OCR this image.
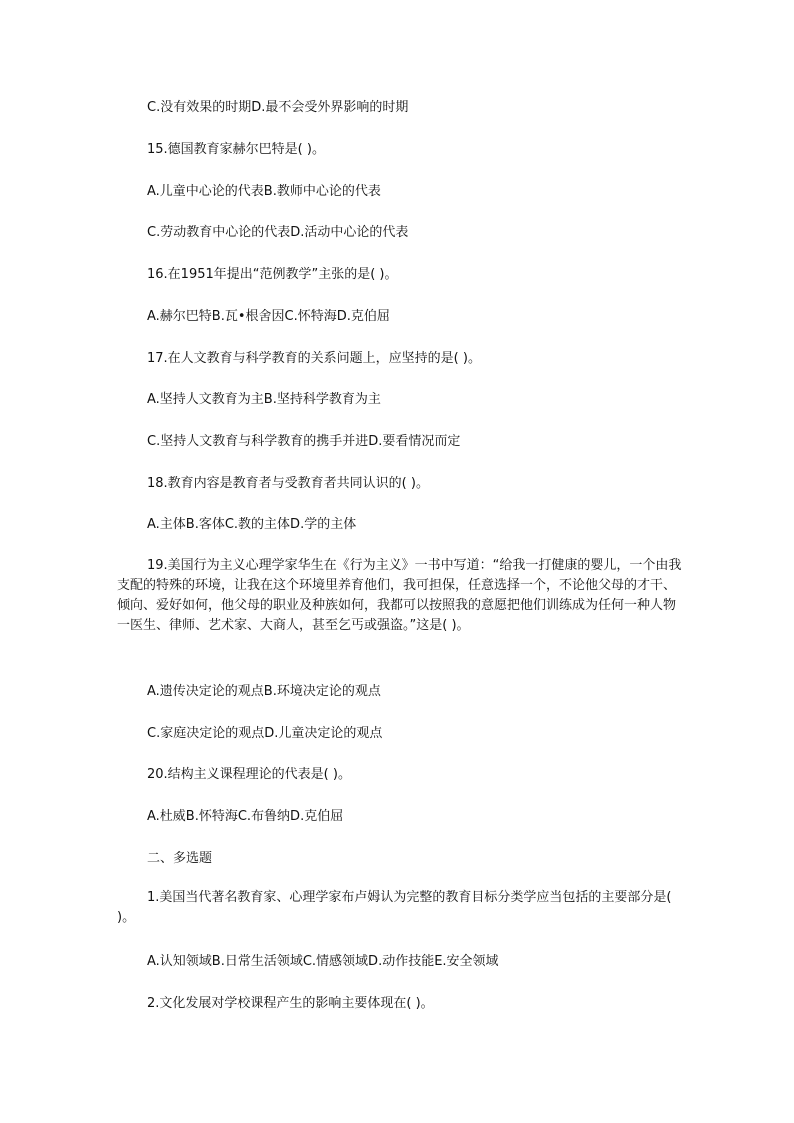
C.没有效果的时期D.最不会受外界影响的时期
15.德国教育家赫尔巴特是( )。
A.儿童中心论的代表B.教师中心论的代表
C.劳动教育中心论的代表D.活动中心论的代表
16.在1951年提出“范例教学”主张的是( )。
A.赫尔巴特B.瓦•根舍因C.怀特海D.克伯屈
17.在人文教育与科学教育的关系问题上，应坚持的是( )。
A.坚持人文教育为主B.坚持科学教育为主
C.坚持人文教育与科学教育的携手并进D.要看情况而定
18.教育内容是教育者与受教育者共同认识的( )。
A.主体B.客体C.教的主体D.学的主体
19.美国行为主义心理学家华生在《行为主义》一书中写道：“给我一打健康的婴儿，一个由我支配的特殊的环境，让我在这个环境里养育他们，我可担保，任意选择一个，不论他父母的才干、倾向、爱好如何，他父母的职业及种族如何，我都可以按照我的意愿把他们训练成为任何一种人物一医生、律师、艺术家、大商人，甚至乞丐或强盗。”这是( )。
A.遗传决定论的观点B.环境决定论的观点
C.家庭决定论的观点D.儿童决定论的观点
20.结构主义课程理论的代表是( )。
A.杜威B.怀特海C.布鲁纳D.克伯屈
二、多选题
1.美国当代著名教育家、心理学家布卢姆认为完整的教育目标分类学应当包括的主要部分是( )。
A.认知领域B.日常生活领域C.情感领域D.动作技能E.安全领域
2.文化发展对学校课程产生的影响主要体现在( )。
